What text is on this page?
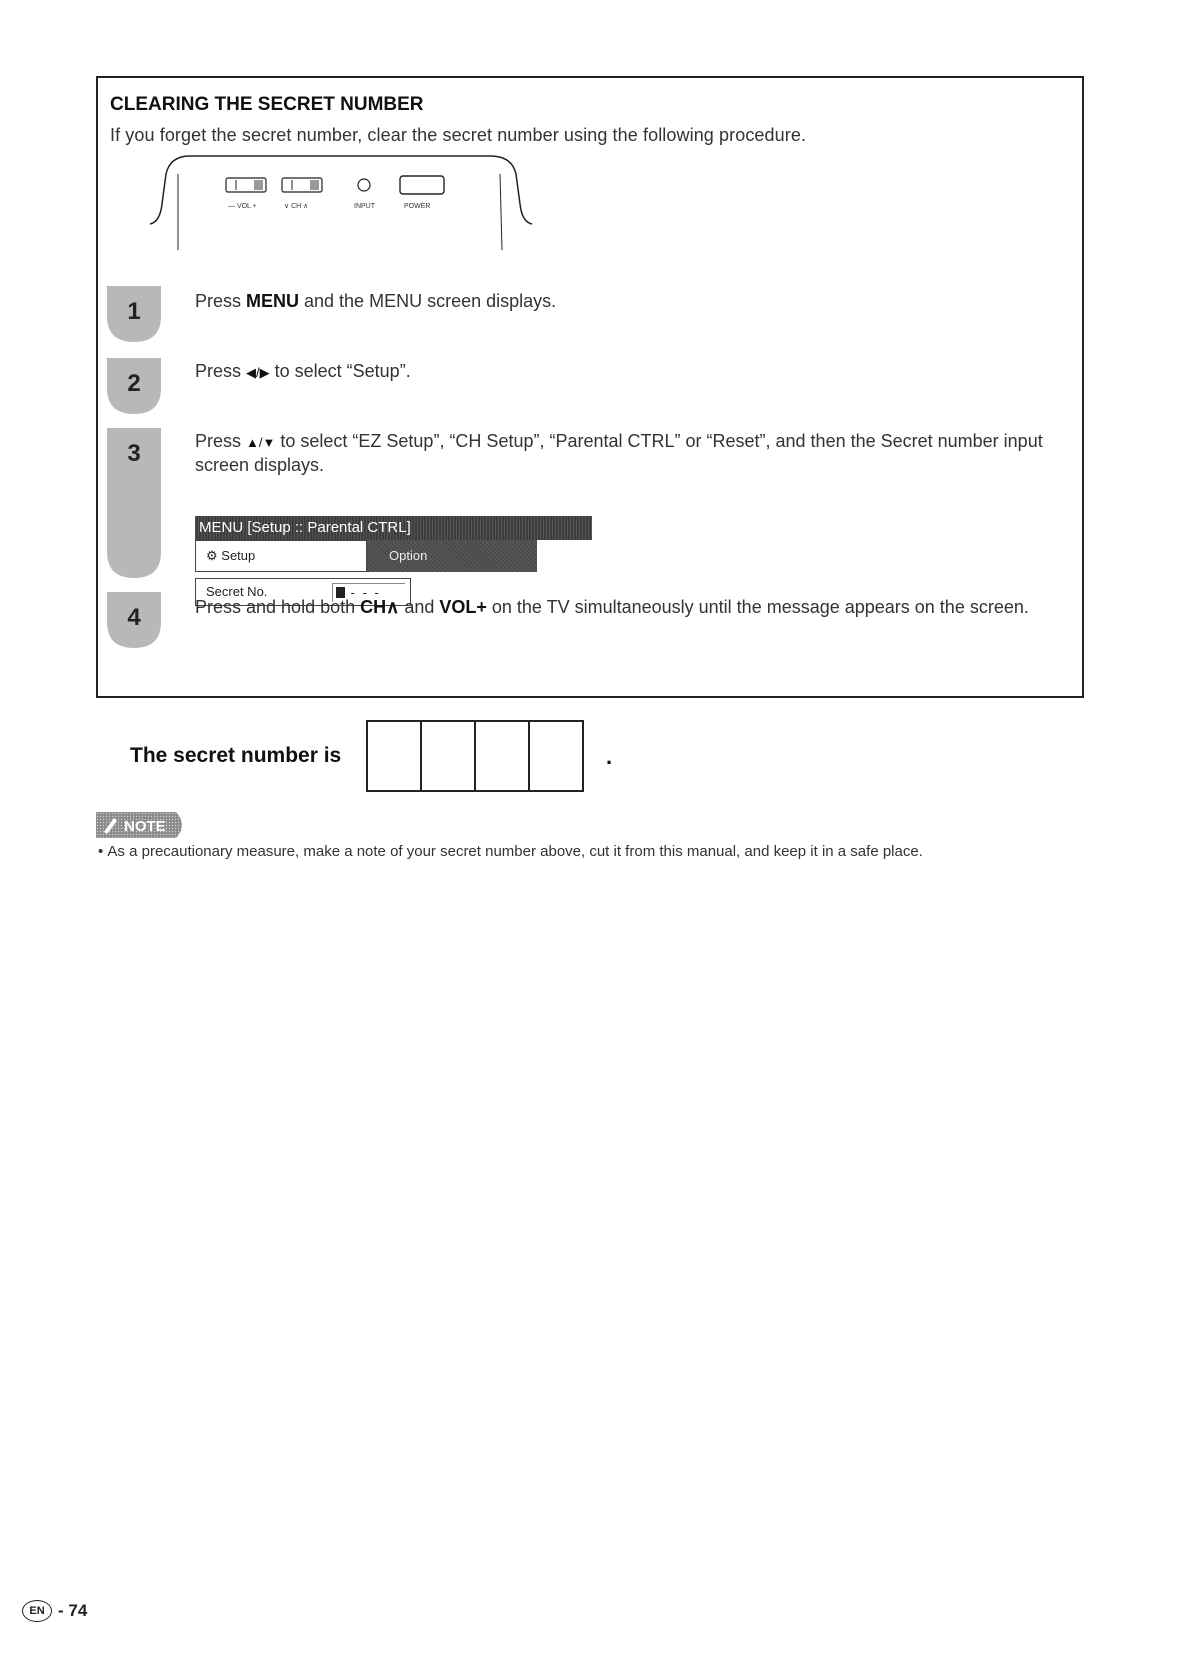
CLEARING THE SECRET NUMBER
If you forget the secret number, clear the secret number using the following procedure.
— VOL +	∨ CH ∧	INPUT	POWER
1	Press MENU and the MENU screen displays.
2	Press ◀/▶ to select “Setup”.
3	Press ▲/▼ to select “EZ Setup”, “CH Setup”, “Parental CTRL” or “Reset”, and then the Secret number input screen displays.
MENU [Setup :: Parental CTRL]
⚙ Setup	Option
Secret No.	- - -
4	Press and hold both CH∧ and VOL+ on the TV simultaneously until the message appears on the screen.
The secret number is	.
NOTE
• As a precautionary measure, make a note of your secret number above, cut it from this manual, and keep it in a safe place.
EN - 74
